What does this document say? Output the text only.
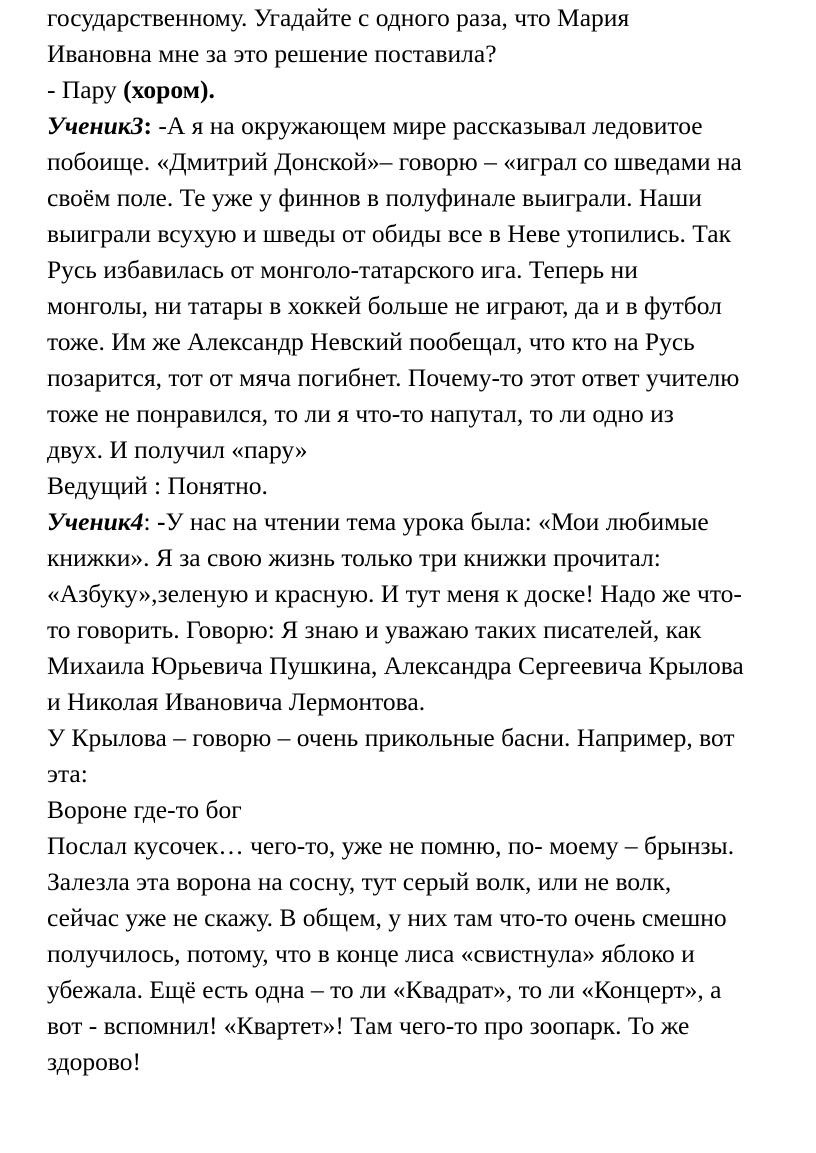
государственному. Угадайте с одного раза, что Мария
Ивановна мне за это решение поставила?
- Пару (хором).
Ученик3: -А я на окружающем мире рассказывал ледовитое
побоище. «Дмитрий Донской»– говорю – «играл со шведами на
своём поле. Те уже у финнов в полуфинале выиграли. Наши
выиграли всухую и шведы от обиды все в Неве утопились. Так
Русь избавилась от монголо-татарского ига. Теперь ни
монголы, ни татары в хоккей больше не играют, да и в футбол
тоже. Им же Александр Невский пообещал, что кто на Русь
позарится, тот от мяча погибнет. Почему-то этот ответ учителю
тоже не понравился, то ли я что-то напутал, то ли одно из
двух. И получил «пару»
Ведущий : Понятно.
Ученик4: -У нас на чтении тема урока была: «Мои любимые
книжки». Я за свою жизнь только три книжки прочитал:
«Азбуку»,зеленую и красную. И тут меня к доске! Надо же что-
то говорить. Говорю: Я знаю и уважаю таких писателей, как
Михаила Юрьевича Пушкина, Александра Сергеевича Крылова
и Николая Ивановича Лермонтова.
У Крылова – говорю – очень прикольные басни. Например, вот
эта:
Вороне где-то бог
Послал кусочек… чего-то, уже не помню, по- моему – брынзы.
Залезла эта ворона на сосну, тут серый волк, или не волк,
сейчас уже не скажу. В общем, у них там что-то очень смешно
получилось, потому, что в конце лиса «свистнула» яблоко и
убежала. Ещё есть одна – то ли «Квадрат», то ли «Концерт», а
вот - вспомнил! «Квартет»! Там чего-то про зоопарк. То же
здорово!
